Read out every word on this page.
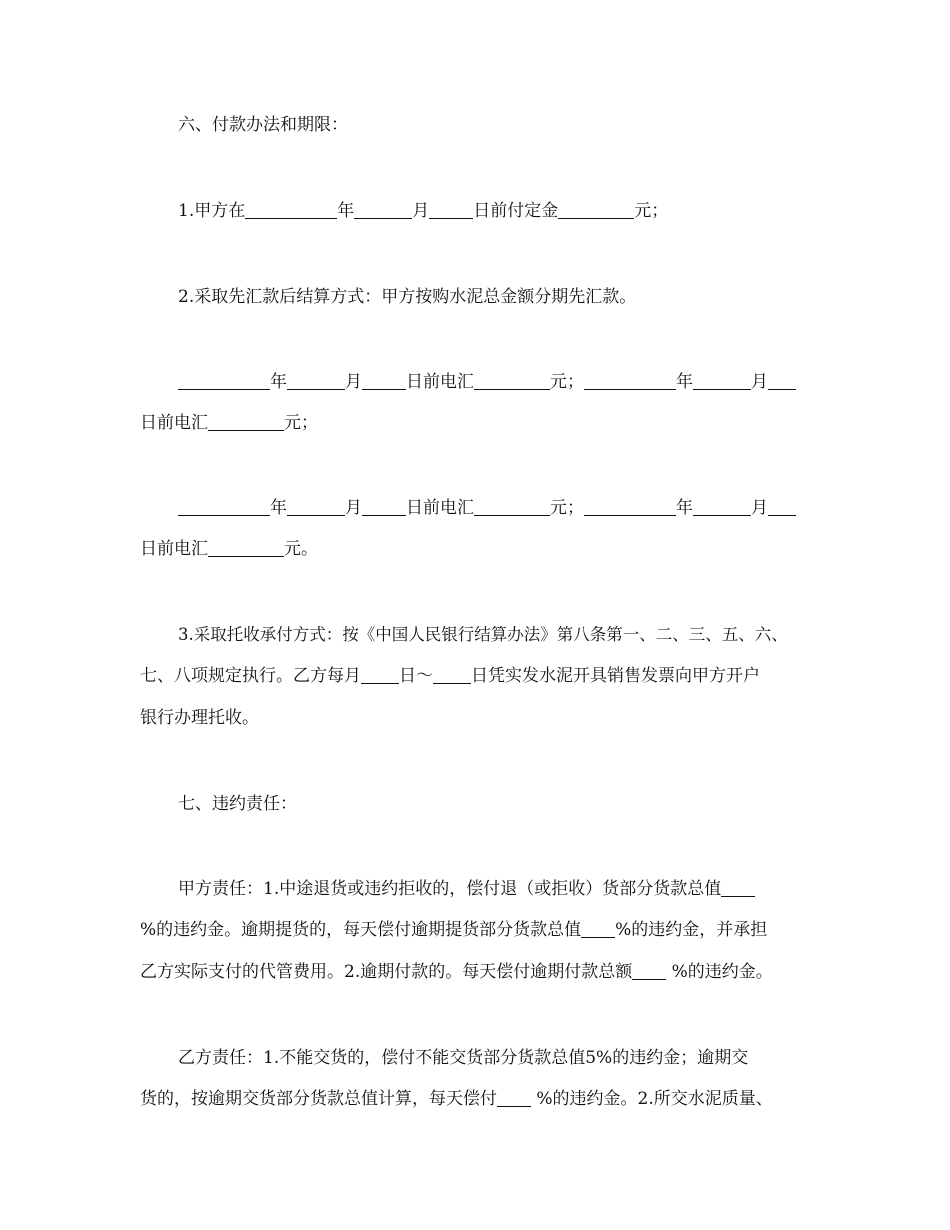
六、付款办法和期限：
1.甲方在	年	月	日前付定金	元；
2.采取先汇款后结算方式：甲方按购水泥总金额分期先汇款。
年	月	日前电汇	元；	年	月
日前电汇	元；
年	月	日前电汇	元；	年	月
日前电汇	元。
3.采取托收承付方式：按《中国人民银行结算办法》第八条第一、二、三、五、六、
七、八项规定执行。乙方每月 日～ 日凭实发水泥开具销售发票向甲方开户
银行办理托收。
七、违约责任：
甲方责任：1.中途退货或违约拒收的，偿付退（或拒收）货部分货款总值
%的违约金。逾期提货的，每天偿付逾期提货部分货款总值 %的违约金，并承担
乙方实际支付的代管费用。2.逾期付款的。每天偿付逾期付款总额 %的违约金。
乙方责任：1.不能交货的，偿付不能交货部分货款总值5%的违约金；逾期交
货的，按逾期交货部分货款总值计算，每天偿付 %的违约金。2.所交水泥质量、
